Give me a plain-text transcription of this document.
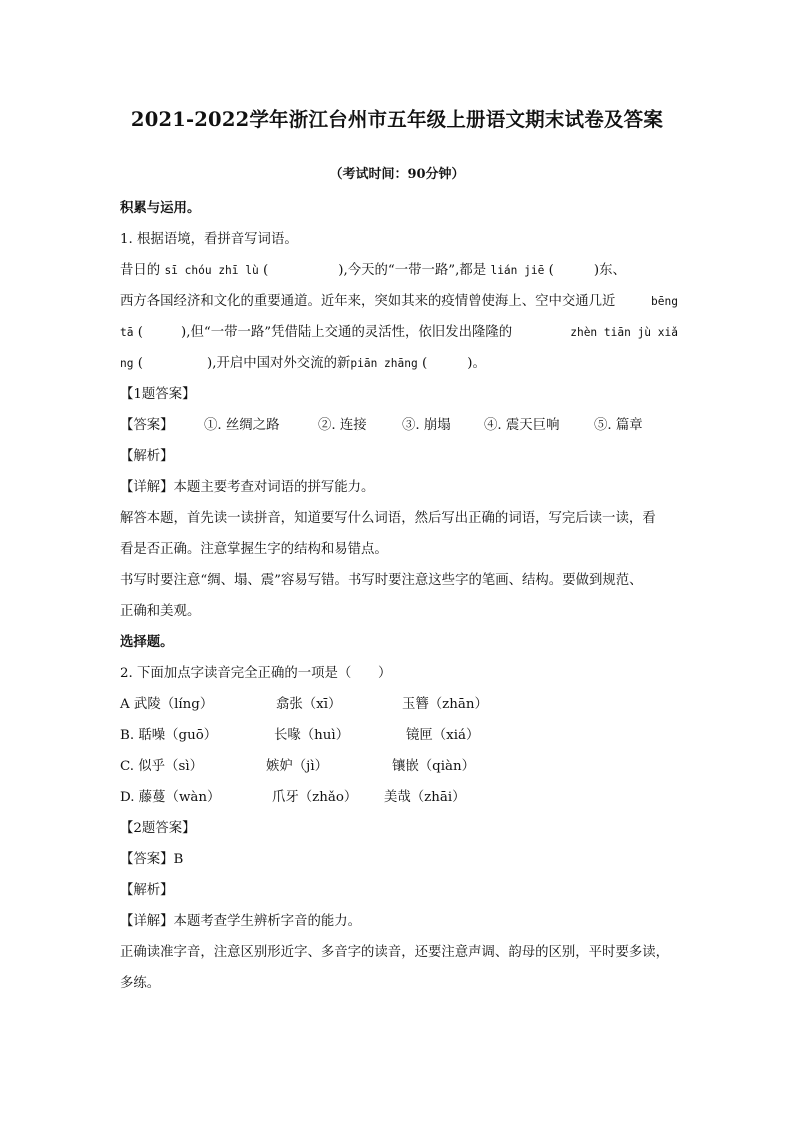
2021-2022学年浙江台州市五年级上册语文期末试卷及答案
（考试时间：90分钟）
积累与运用。
1. 根据语境，看拼音写词语。
昔日的 sī chóu zhī lù (	),今天的“一带一路”,都是 lián jiē (	)东、
西方各国经济和文化的重要通道。近年来，突如其来的疫情曾使海上、空中交通几近	bēng
tā (	),但“一带一路”凭借陆上交通的灵活性，依旧发出隆隆的	zhèn tiān jù xiǎ
ng (	),开启中国对外交流的新piān zhāng (	)。
【1题答案】
【答案】 ①. 丝绸之路	②. 连接	③. 崩塌 ④. 震天巨响	⑤. 篇章
【解析】
【详解】本题主要考查对词语的拼写能力。
解答本题，首先读一读拼音，知道要写什么词语，然后写出正确的词语，写完后读一读，看
看是否正确。注意掌握生字的结构和易错点。
书写时要注意“绸、塌、震”容易写错。书写时要注意这些字的笔画、结构。要做到规范、
正确和美观。
选择题。
2. 下面加点字读音完全正确的一项是（　　）
A 武陵（líng）	翕张（xī）	玉簪（zhān）
B. 聒噪（guō）	长喙（huì）	镜匣（xiá）
C. 似乎（sì）	嫉妒（jì）	镶嵌（qiàn）
D. 藤蔓（wàn）	爪牙（zhǎo） 美哉（zhāi）
【2题答案】
【答案】B
【解析】
【详解】本题考查学生辨析字音的能力。
正确读准字音，注意区别形近字、多音字的读音，还要注意声调、韵母的区别，平时要多读，
多练。
